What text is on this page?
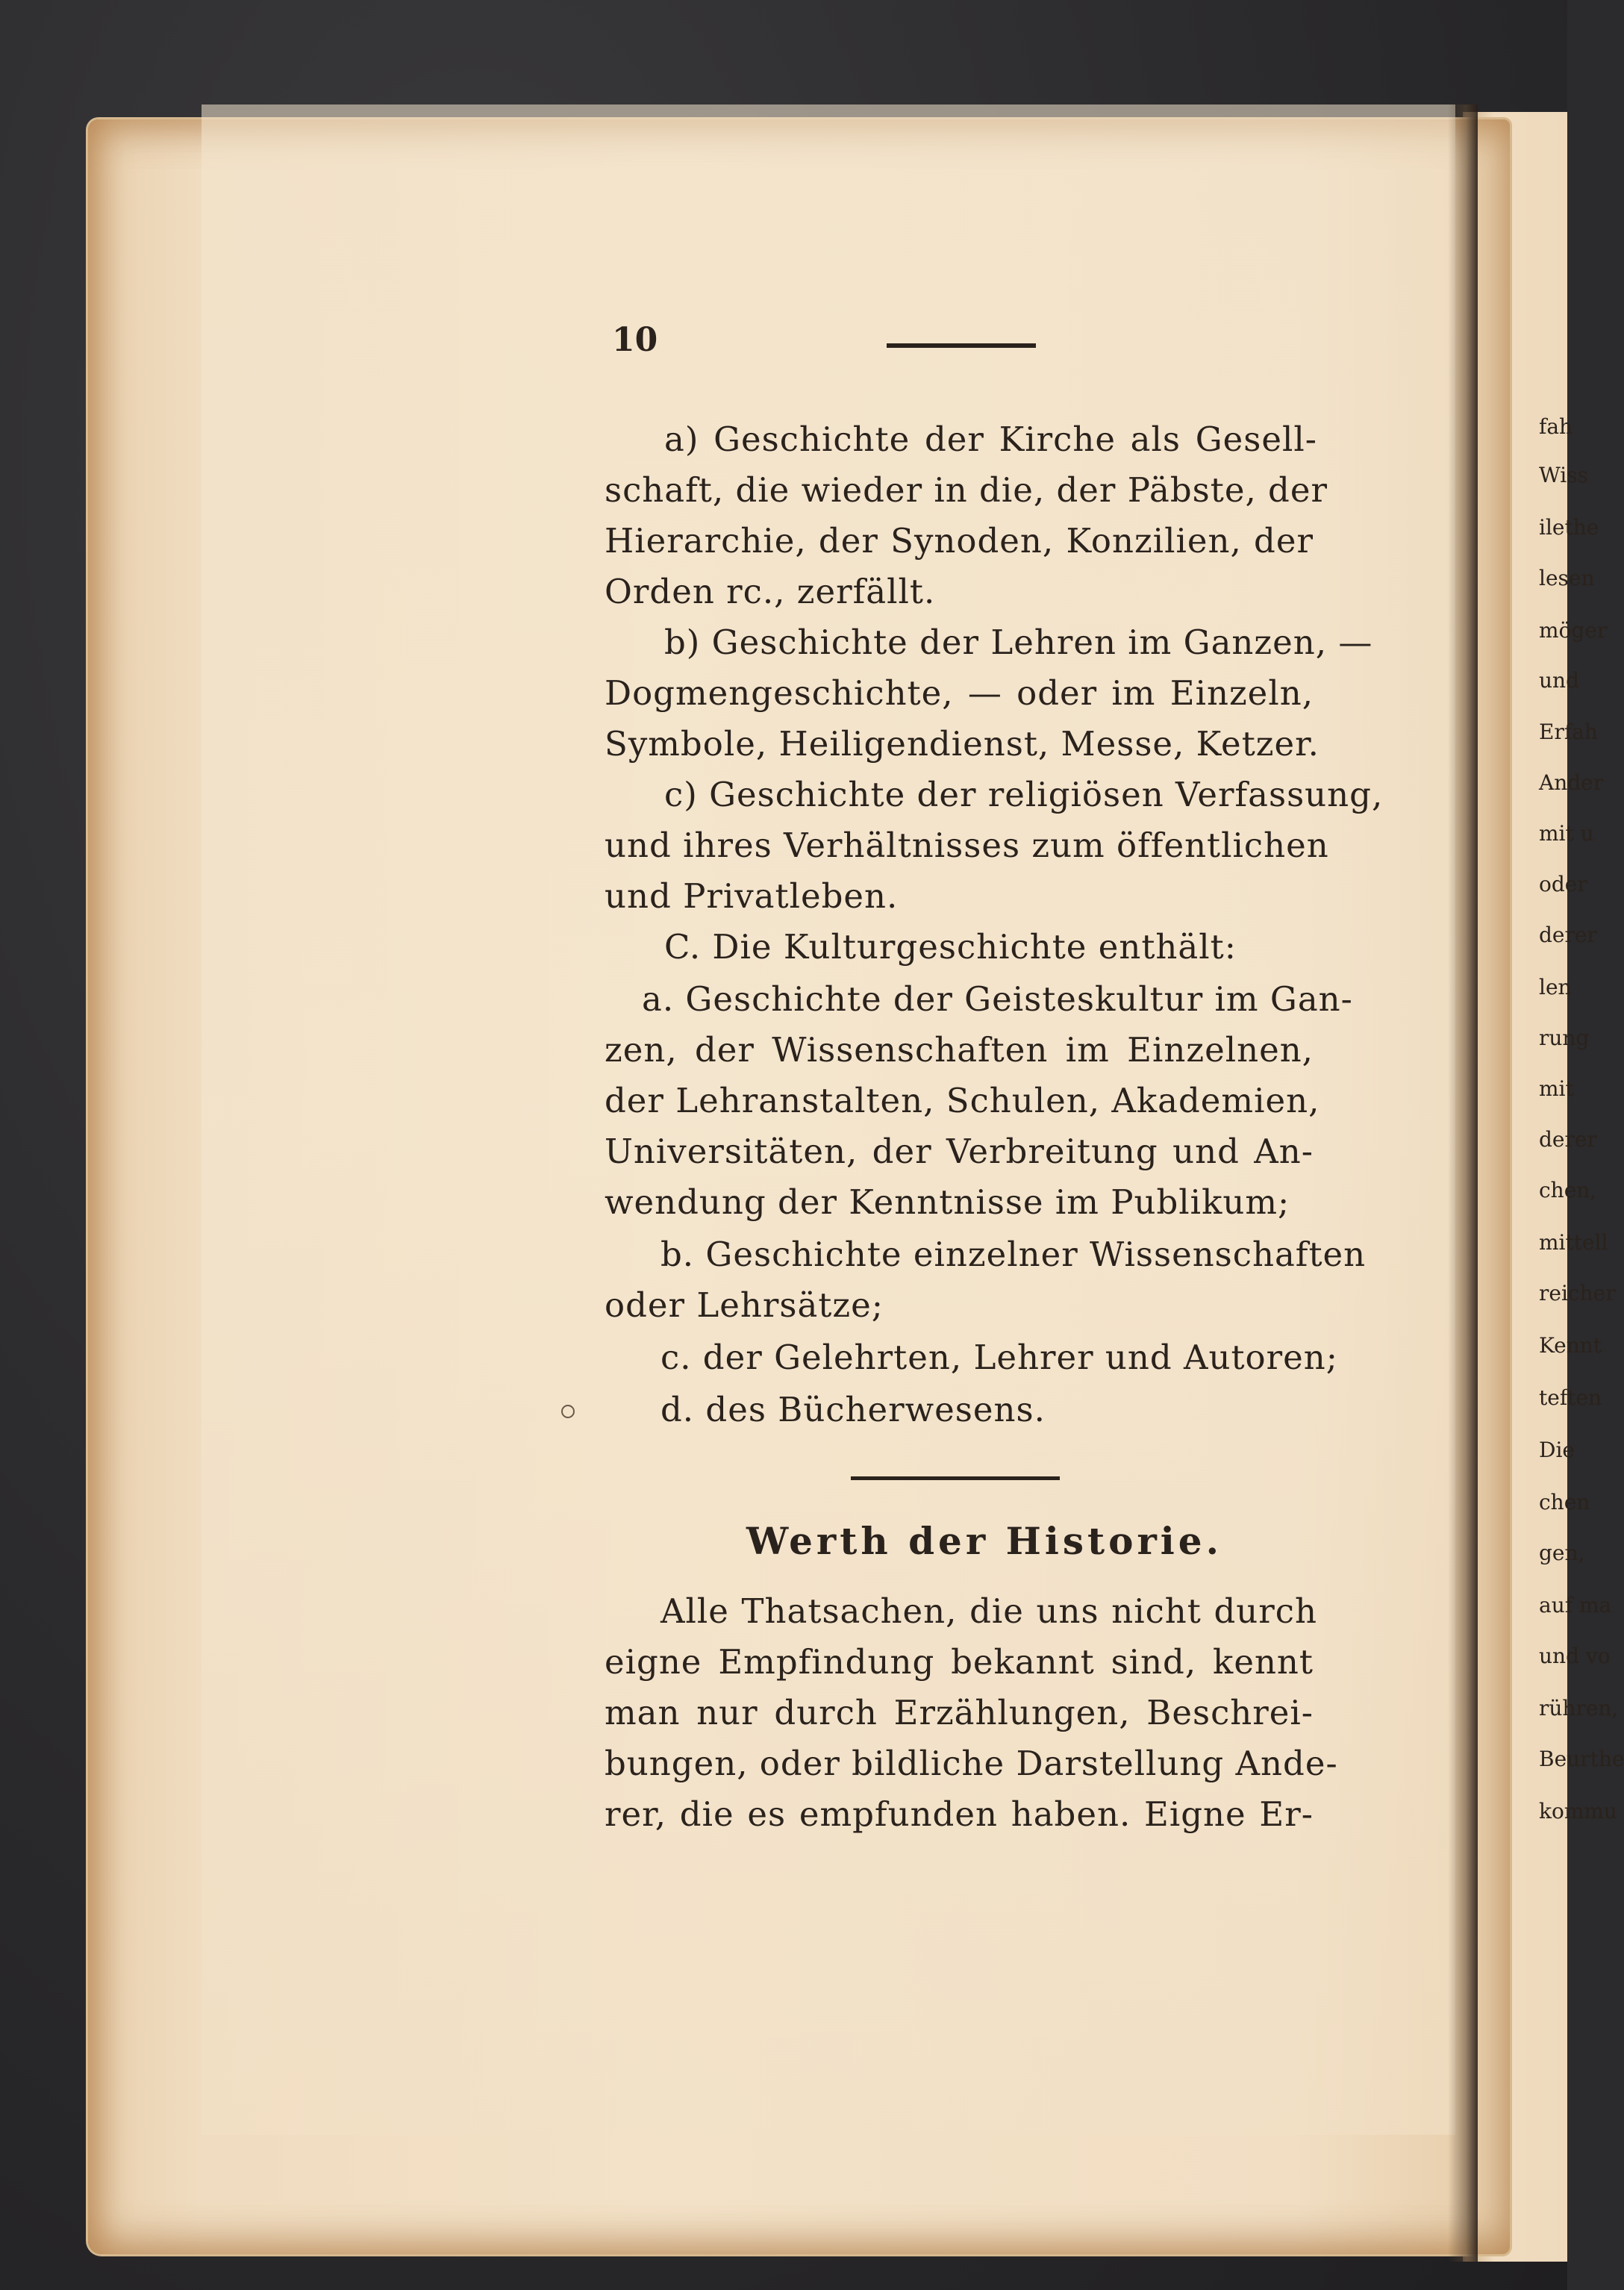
10
a) Geschichte der Kirche als Gesell-
schaft, die wieder in die, der Päbste, der
Hierarchie, der Synoden, Konzilien, der
Orden rc., zerfällt.
b) Geschichte der Lehren im Ganzen, —
Dogmengeschichte, — oder im Einzeln,
Symbole, Heiligendienst, Messe, Ketzer.
c) Geschichte der religiösen Verfassung,
und ihres Verhältnisses zum öffentlichen
und Privatleben.
C. Die Kulturgeschichte enthält:
a. Geschichte der Geisteskultur im Gan-
zen, der Wissenschaften im Einzelnen,
der Lehranstalten, Schulen, Akademien,
Universitäten, der Verbreitung und An-
wendung der Kenntnisse im Publikum;
b. Geschichte einzelner Wissenschaften
oder Lehrsätze;
c. der Gelehrten, Lehrer und Autoren;
d. des Bücherwesens.
Werth der Historie.
Alle Thatsachen, die uns nicht durch
eigne Empfindung bekannt sind, kennt
man nur durch Erzählungen, Beschrei-
bungen, oder bildliche Darstellung Ande-
rer, die es empfunden haben. Eigne Er-
fah
Wiss
ilethe
lesen
möger
und
Erfah
Ander
mit u
oder
derer
len
rung
mit
derer
chen,
mittell
reicher
Kennt
teften
Die
chen
gen,
auf ma
und vo
rühren,
Beurthe
kommu
